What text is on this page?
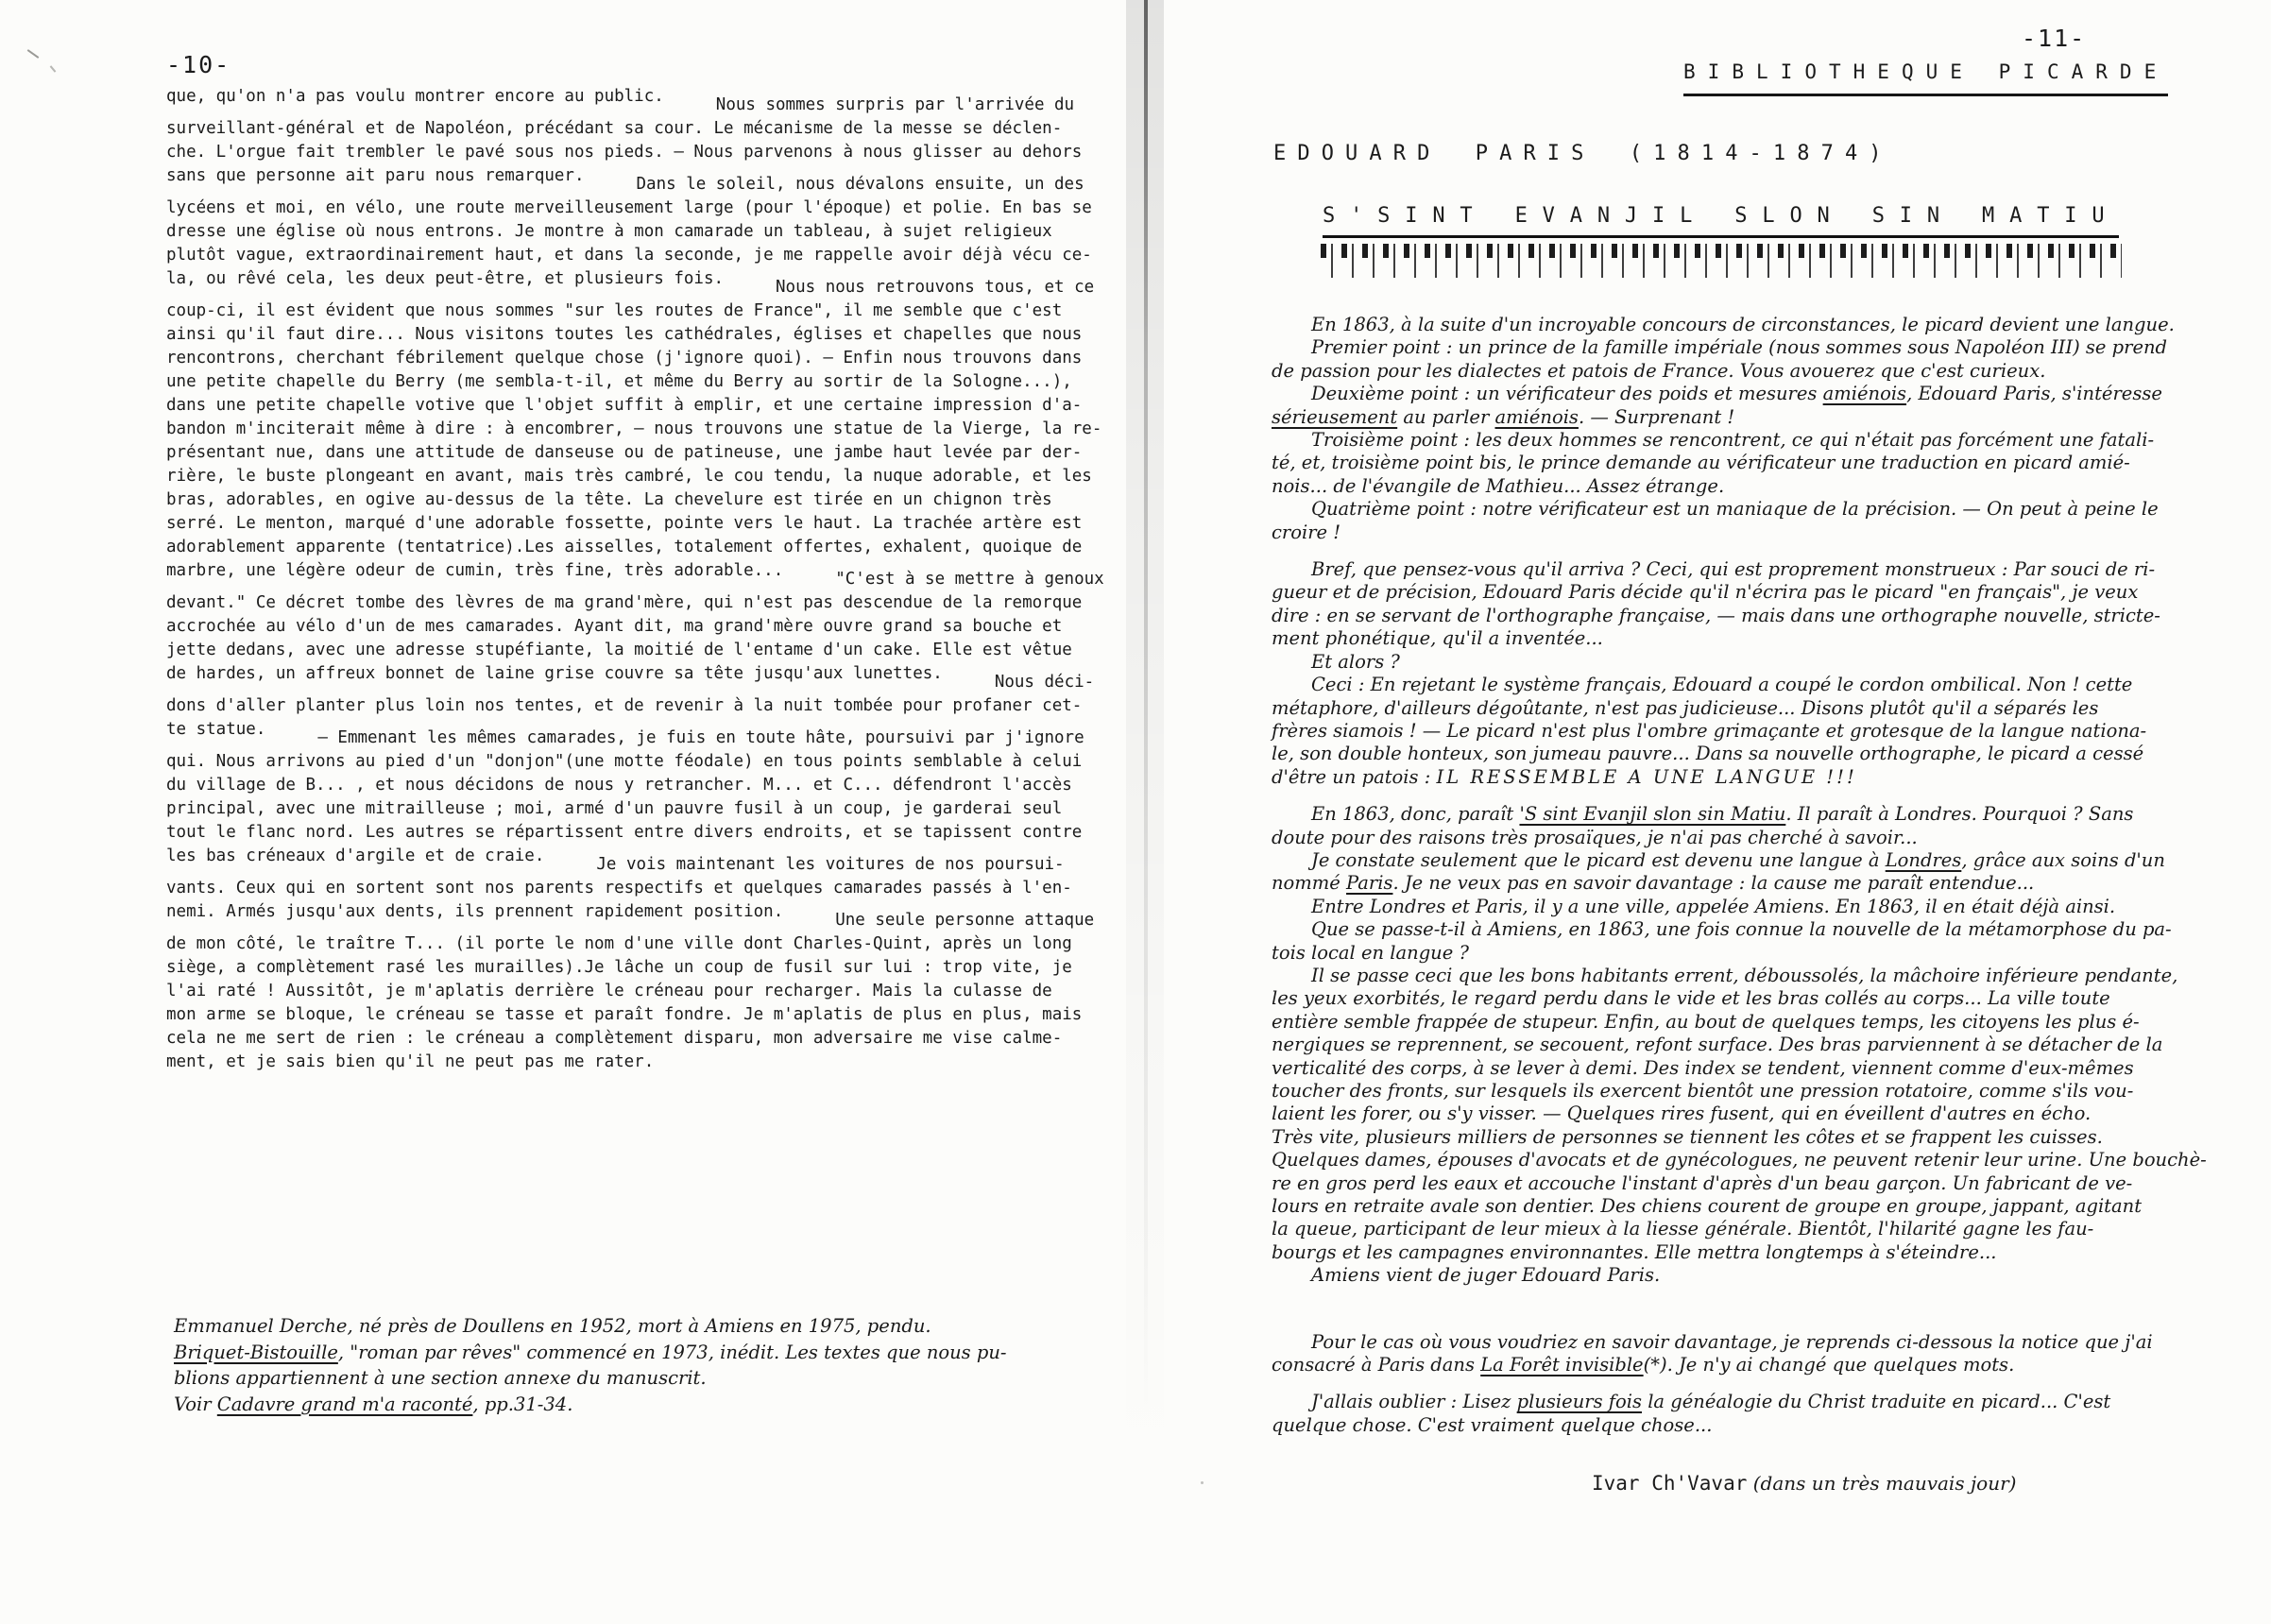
-10-
que, qu'on n'a pas voulu montrer encore au public.	Nous sommes surpris par l'arrivée du
surveillant-général et de Napoléon, précédant sa cour. Le mécanisme de la messe se déclen-
che. L'orgue fait trembler le pavé sous nos pieds. — Nous parvenons à nous glisser au dehors
sans que personne ait paru nous remarquer.	Dans le soleil, nous dévalons ensuite, un des
lycéens et moi, en vélo, une route merveilleusement large (pour l'époque) et polie. En bas se
dresse une église où nous entrons. Je montre à mon camarade un tableau, à sujet religieux
plutôt vague, extraordinairement haut, et dans la seconde, je me rappelle avoir déjà vécu ce-
la, ou rêvé cela, les deux peut-être, et plusieurs fois.	Nous nous retrouvons tous, et ce
coup-ci, il est évident que nous sommes "sur les routes de France", il me semble que c'est
ainsi qu'il faut dire... Nous visitons toutes les cathédrales, églises et chapelles que nous
rencontrons, cherchant fébrilement quelque chose (j'ignore quoi). — Enfin nous trouvons dans
une petite chapelle du Berry (me sembla-t-il, et même du Berry au sortir de la Sologne...),
dans une petite chapelle votive que l'objet suffit à emplir, et une certaine impression d'a-
bandon m'inciterait même à dire : à encombrer, — nous trouvons une statue de la Vierge, la re-
présentant nue, dans une attitude de danseuse ou de patineuse, une jambe haut levée par der-
rière, le buste plongeant en avant, mais très cambré, le cou tendu, la nuque adorable, et les
bras, adorables, en ogive au-dessus de la tête. La chevelure est tirée en un chignon très
serré. Le menton, marqué d'une adorable fossette, pointe vers le haut. La trachée artère est
adorablement apparente (tentatrice).Les aisselles, totalement offertes, exhalent, quoique de
marbre, une légère odeur de cumin, très fine, très adorable...	"C'est à se mettre à genoux
devant." Ce décret tombe des lèvres de ma grand'mère, qui n'est pas descendue de la remorque
accrochée au vélo d'un de mes camarades. Ayant dit, ma grand'mère ouvre grand sa bouche et
jette dedans, avec une adresse stupéfiante, la moitié de l'entame d'un cake. Elle est vêtue
de hardes, un affreux bonnet de laine grise couvre sa tête jusqu'aux lunettes.	Nous déci-
dons d'aller planter plus loin nos tentes, et de revenir à la nuit tombée pour profaner cet-
te statue.	— Emmenant les mêmes camarades, je fuis en toute hâte, poursuivi par j'ignore
qui. Nous arrivons au pied d'un "donjon"(une motte féodale) en tous points semblable à celui
du village de B... , et nous décidons de nous y retrancher. M... et C... défendront l'accès
principal, avec une mitrailleuse ; moi, armé d'un pauvre fusil à un coup, je garderai seul
tout le flanc nord. Les autres se répartissent entre divers endroits, et se tapissent contre
les bas créneaux d'argile et de craie.	Je vois maintenant les voitures de nos poursui-
vants. Ceux qui en sortent sont nos parents respectifs et quelques camarades passés à l'en-
nemi. Armés jusqu'aux dents, ils prennent rapidement position.	Une seule personne attaque
de mon côté, le traître T... (il porte le nom d'une ville dont Charles-Quint, après un long
siège, a complètement rasé les murailles).Je lâche un coup de fusil sur lui : trop vite, je
l'ai raté ! Aussitôt, je m'aplatis derrière le créneau pour recharger. Mais la culasse de
mon arme se bloque, le créneau se tasse et paraît fondre. Je m'aplatis de plus en plus, mais
cela ne me sert de rien : le créneau a complètement disparu, mon adversaire me vise calme-
ment, et je sais bien qu'il ne peut pas me rater.
Emmanuel Derche, né près de Doullens en 1952, mort à Amiens en 1975, pendu.
Briquet-Bistouille, "roman par rêves" commencé en 1973, inédit. Les textes que nous pu-
blions appartiennent à une section annexe du manuscrit.
Voir Cadavre grand m'a raconté, pp.31-34.
-11-
BIBLIOTHEQUE PICARDE
EDOUARD PARIS (1814-1874)
S'SINT EVANJIL SLON SIN MATIU
En 1863, à la suite d'un incroyable concours de circonstances, le picard devient une langue.
Premier point : un prince de la famille impériale (nous sommes sous Napoléon III) se prend
de passion pour les dialectes et patois de France. Vous avouerez que c'est curieux.
Deuxième point : un vérificateur des poids et mesures amiénois, Edouard Paris, s'intéresse
sérieusement au parler amiénois. — Surprenant !
Troisième point : les deux hommes se rencontrent, ce qui n'était pas forcément une fatali-
té, et, troisième point bis, le prince demande au vérificateur une traduction en picard amié-
nois... de l'évangile de Mathieu... Assez étrange.
Quatrième point : notre vérificateur est un maniaque de la précision. — On peut à peine le
croire !
Bref, que pensez-vous qu'il arriva ? Ceci, qui est proprement monstrueux : Par souci de ri-
gueur et de précision, Edouard Paris décide qu'il n'écrira pas le picard "en français", je veux
dire : en se servant de l'orthographe française, — mais dans une orthographe nouvelle, stricte-
ment phonétique, qu'il a inventée...
Et alors ?
Ceci : En rejetant le système français, Edouard a coupé le cordon ombilical. Non ! cette
métaphore, d'ailleurs dégoûtante, n'est pas judicieuse... Disons plutôt qu'il a séparés les
frères siamois ! — Le picard n'est plus l'ombre grimaçante et grotesque de la langue nationa-
le, son double honteux, son jumeau pauvre... Dans sa nouvelle orthographe, le picard a cessé
d'être un patois : IL RESSEMBLE A UNE LANGUE !!!
En 1863, donc, paraît 'S sint Evanjil slon sin Matiu. Il paraît à Londres. Pourquoi ? Sans
doute pour des raisons très prosaïques, je n'ai pas cherché à savoir...
Je constate seulement que le picard est devenu une langue à Londres, grâce aux soins d'un
nommé Paris. Je ne veux pas en savoir davantage : la cause me paraît entendue...
Entre Londres et Paris, il y a une ville, appelée Amiens. En 1863, il en était déjà ainsi.
Que se passe-t-il à Amiens, en 1863, une fois connue la nouvelle de la métamorphose du pa-
tois local en langue ?
Il se passe ceci que les bons habitants errent, déboussolés, la mâchoire inférieure pendante,
les yeux exorbités, le regard perdu dans le vide et les bras collés au corps... La ville toute
entière semble frappée de stupeur. Enfin, au bout de quelques temps, les citoyens les plus é-
nergiques se reprennent, se secouent, refont surface. Des bras parviennent à se détacher de la
verticalité des corps, à se lever à demi. Des index se tendent, viennent comme d'eux-mêmes
toucher des fronts, sur lesquels ils exercent bientôt une pression rotatoire, comme s'ils vou-
laient les forer, ou s'y visser. — Quelques rires fusent, qui en éveillent d'autres en écho.
Très vite, plusieurs milliers de personnes se tiennent les côtes et se frappent les cuisses.
Quelques dames, épouses d'avocats et de gynécologues, ne peuvent retenir leur urine. Une bouchè-
re en gros perd les eaux et accouche l'instant d'après d'un beau garçon. Un fabricant de ve-
lours en retraite avale son dentier. Des chiens courent de groupe en groupe, jappant, agitant
la queue, participant de leur mieux à la liesse générale. Bientôt, l'hilarité gagne les fau-
bourgs et les campagnes environnantes. Elle mettra longtemps à s'éteindre...
Amiens vient de juger Edouard Paris.
Pour le cas où vous voudriez en savoir davantage, je reprends ci-dessous la notice que j'ai
consacré à Paris dans La Forêt invisible(*). Je n'y ai changé que quelques mots.
J'allais oublier : Lisez plusieurs fois la généalogie du Christ traduite en picard... C'est
quelque chose. C'est vraiment quelque chose...
Ivar Ch'Vavar (dans un très mauvais jour)
